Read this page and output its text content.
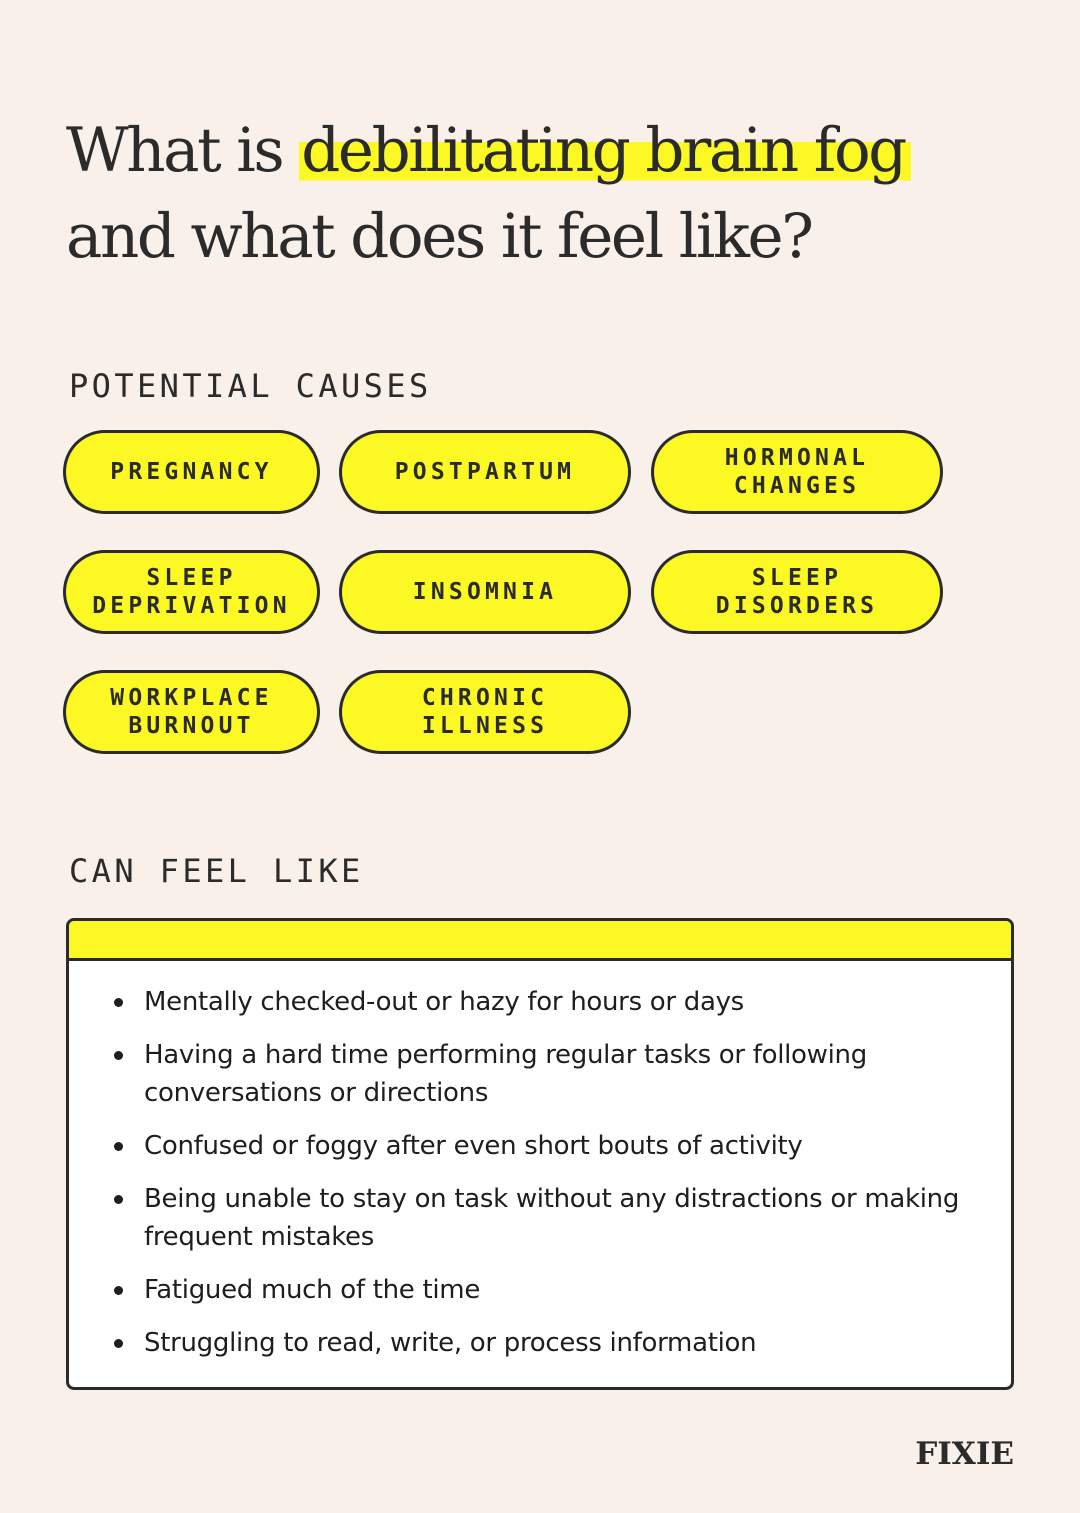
What is debilitating brain fog
and what does it feel like?
POTENTIAL CAUSES
PREGNANCY	POSTPARTUM
HORMONAL
CHANGES
SLEEP
DEPRIVATION
INSOMNIA
SLEEP
DISORDERS
WORKPLACE
BURNOUT
CHRONIC
ILLNESS
CAN FEEL LIKE
Mentally checked-out or hazy for hours or days
Having a hard time performing regular tasks or following conversations or directions
Confused or foggy after even short bouts of activity
Being unable to stay on task without any distractions or making frequent mistakes
Fatigued much of the time
Struggling to read, write, or process information
FIXIE
